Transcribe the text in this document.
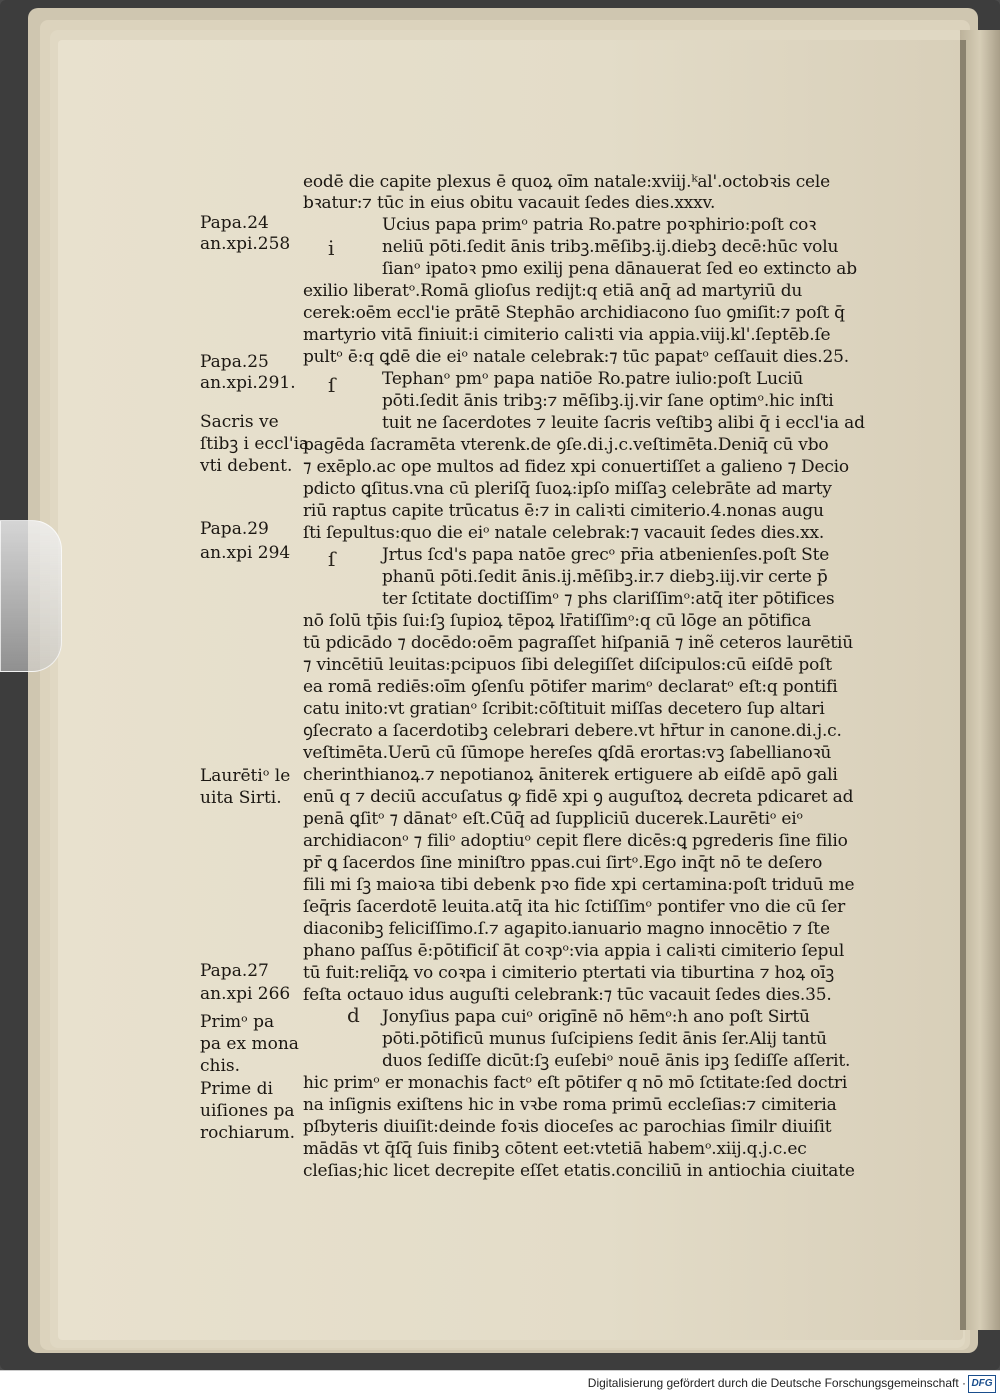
eodē die capite plexus ē quoꝝ oīm natale:xviij.ᵏal'.octobꝛis cele
bꝛatur:⁊ tūc in eius obitu vacauit ſedes dies.xxxv.
Ucius papa primᵒ patria Ro.patre poꝛphirio:poſt coꝛ
neliū pōti.ſedit ānis tribꝫ.mēſibꝫ.ij.diebꝫ decē:hūc volu
ſianᵒ ipatoꝛ pmo exilij pena dānauerat ſed eo extincto ab
exilio liberatᵒ.Romā glioſus redijt:q etiā anq̄ ad martyriū du
cerek:oēm eccl'ie prātē Stephāo archidiacono ſuo ꝯmiſit:⁊ poſt q̄
martyrio vitā finiuit:i cimiterio caliꝛti via appia.viij.kl'.ſeptēb.ſe
pultᵒ ē:q ꝗdē die eiᵒ natale celebrak:⁊ tūc papatᵒ ceſſauit dies.25.
Tephanᵒ pmᵒ papa natiōe Ro.patre iulio:poſt Luciū
pōti.ſedit ānis tribꝫ:⁊ mēſibꝫ.ij.vir ſane optimᵒ.hic inſti
tuit ne ſacerdotes ⁊ leuite ſacris veſtibꝫ alibi q̄ i eccl'ia ad
pagēda ſacramēta vterenk.de ꝯſe.di.j.c.veſtimēta.Deniq̄ cū vbo
⁊ exēplo.ac ope multos ad fidez xpi conuertiſſet a galieno ⁊ Decio
pdicto ꝗſitus.vna cū pleriſq̄ ſuoꝝ:ipſo miſſaꝫ celebrāte ad marty
riū raptus capite trūcatus ē:⁊ in caliꝛti cimiterio.4.nonas augu
ſti ſepultus:quo die eiᵒ natale celebrak:⁊ vacauit ſedes dies.xx.
Jrtus ſcd's papa natōe grecᵒ pr̄ia atbenienſes.poſt Ste
phanū pōti.ſedit ānis.ij.mēſibꝫ.ir.⁊ diebꝫ.iij.vir certe p̄
ter ſctitate doctiſſimᵒ ⁊ phs clariſſimᵒ:atq̄ iter pōtifices
nō ſolū tp̄is ſui:ſꝫ ſupioꝝ tēpoꝝ lr̄atiſſimᵒ:q cū lōge an pōtifica
tū pdicādo ⁊ docēdo:oēm pagraſſet hiſpaniā ⁊ inẽ ceteros laurētiū
⁊ vincētiū leuitas:pcipuos ſibi delegiſſet diſcipulos:cū eiſdē poſt
ea romā rediēs:oīm ꝯſenſu pōtifer marimᵒ declaratᵒ eſt:q pontifi
catu inito:vt gratianᵒ ſcribit:cōſtituit miſſas decetero ſup altari
ꝯſecrato a ſacerdotibꝫ celebrari debere.vt hr̄tur in canone.di.j.c.
veſtimēta.Uerū cū ſūmope hereſes ꝗſdā erortas:vꝫ ſabellianoꝛū
cherinthianoꝝ.⁊ nepotianoꝝ āniterek ertiguere ab eiſdē apō gali
enū q ⁊ deciū accuſatus ꝙ fidē xpi ꝯ auguſtoꝝ decreta pdicaret ad
penā ꝗſitᵒ ⁊ dānatᵒ eſt.Cūq̄ ad ſuppliciū ducerek.Laurētiᵒ eiᵒ
archidiaconᵒ ⁊ filiᵒ adoptiuᵒ cepit flere dicēs:ꝗ pgrederis ſine filio
pr̄ ꝗ ſacerdos ſine miniſtro ppas.cui ſirtᵒ.Ego inq̄t nō te deſero
fili mi ſꝫ maioꝛa tibi debenk pꝛo fide xpi certamina:poſt triduū me
ſeq̄ris ſacerdotē leuita.atq̄ ita hic ſctiſſimᵒ pontifer vno die cū ſer
diaconibꝫ feliciſſimo.ſ.⁊ agapito.ianuario magno innocētio ⁊ ſte
phano paſſus ē:pōtificiſ āt coꝛpᵒ:via appia i caliꝛti cimiterio ſepul
tū fuit:reliq̄ꝝ vo coꝛpa i cimiterio ptertati via tiburtina ⁊ hoꝝ oīꝫ
feſta octauo idus auguſti celebrank:⁊ tūc vacauit ſedes dies.35.
Jonyſius papa cuiᵒ origīnē nō hēmᵒ:h ano poſt Sirtū
pōti.pōtificū munus ſuſcipiens ſedit ānis ſer.Alij tantū
duos ſediſſe dicūt:ſꝫ euſebiᵒ nouē ānis ipꝫ ſediſſe aſſerit.
hic primᵒ er monachis factᵒ eſt pōtifer q nō mō ſctitate:ſed doctri
na inſignis exiſtens hic in vꝛbe roma primū eccleſias:⁊ cimiteria
pſbyteris diuiſit:deinde foꝛis dioceſes ac parochias ſimilr diuiſit
mādās vt q̄ſq̄ ſuis finibꝫ cōtent eet:vtetiā habemᵒ.xiij.q.j.c.ec
cleſias;hic licet decrepite eſſet etatis.conciliū in antiochia ciuitate
i
ſ
ſ
d
Papa.24
an.xpi.258
Papa.25
an.xpi.291.
Sacris ve
ſtibꝫ i eccl'ia
vti debent.
Papa.29
an.xpi 294
Laurētiᵒ le
uita Sirti.
Papa.27
an.xpi 266
Primᵒ pa
pa ex mona
chis.
Prime di
uiſiones pa
rochiarum.
Digitalisierung gefördert durch die Deutsche Forschungsgemeinschaft · DFG
